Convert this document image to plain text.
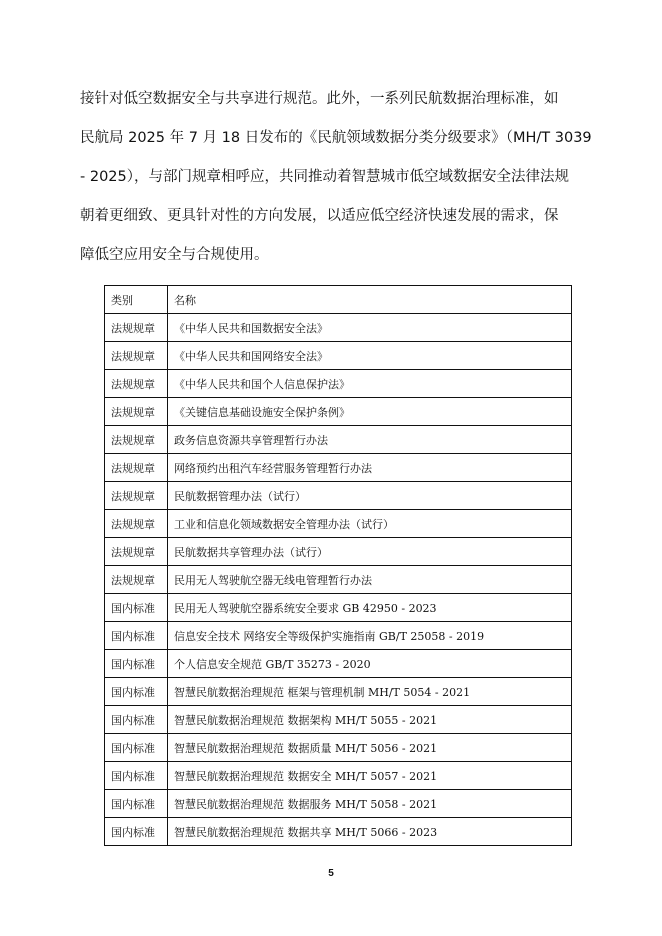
接针对低空数据安全与共享进行规范。此外，一系列民航数据治理标准，如
民航局 2025 年 7 月 18 日发布的《民航领域数据分类分级要求》（MH/T 3039
- 2025），与部门规章相呼应，共同推动着智慧城市低空域数据安全法律法规
朝着更细致、更具针对性的方向发展，以适应低空经济快速发展的需求，保
障低空应用安全与合规使用。
类别	名称
法规规章	《中华人民共和国数据安全法》
法规规章	《中华人民共和国网络安全法》
法规规章	《中华人民共和国个人信息保护法》
法规规章	《关键信息基础设施安全保护条例》
法规规章	政务信息资源共享管理暂行办法
法规规章	网络预约出租汽车经营服务管理暂行办法
法规规章	民航数据管理办法（试行）
法规规章	工业和信息化领域数据安全管理办法（试行）
法规规章	民航数据共享管理办法（试行）
法规规章	民用无人驾驶航空器无线电管理暂行办法
国内标准	民用无人驾驶航空器系统安全要求 GB 42950 - 2023
国内标准	信息安全技术 网络安全等级保护实施指南 GB/T 25058 - 2019
国内标准	个人信息安全规范 GB/T 35273 - 2020
国内标准	智慧民航数据治理规范 框架与管理机制 MH/T 5054 - 2021
国内标准	智慧民航数据治理规范 数据架构 MH/T 5055 - 2021
国内标准	智慧民航数据治理规范 数据质量 MH/T 5056 - 2021
国内标准	智慧民航数据治理规范 数据安全 MH/T 5057 - 2021
国内标准	智慧民航数据治理规范 数据服务 MH/T 5058 - 2021
国内标准	智慧民航数据治理规范 数据共享 MH/T 5066 - 2023
5
